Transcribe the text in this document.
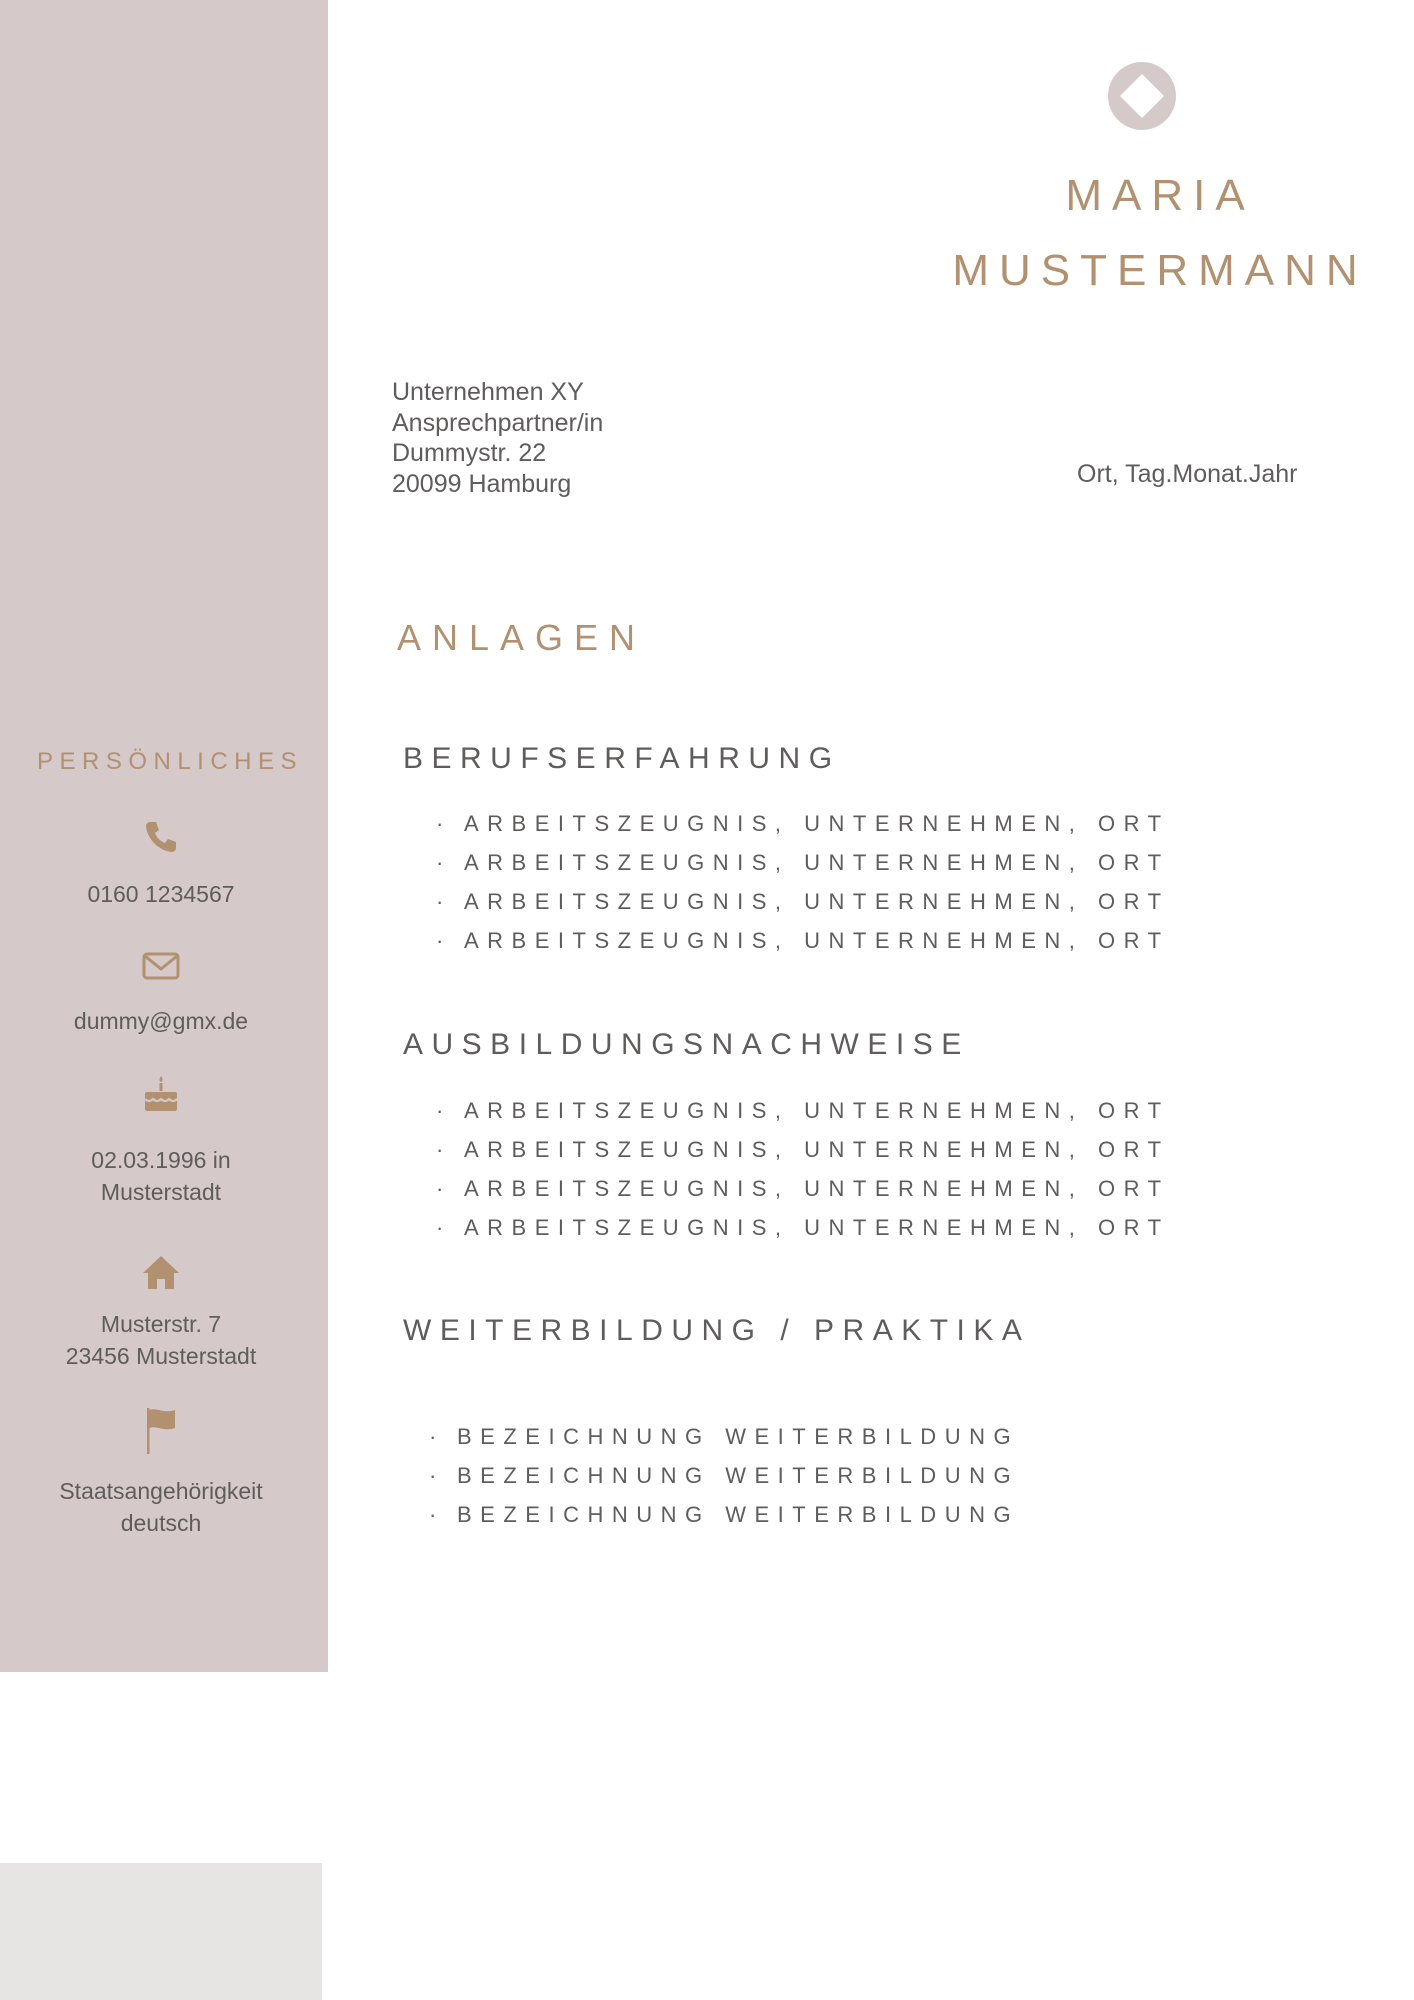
MARIA
MUSTERMANN
Unternehmen XY
Ansprechpartner/in
Dummystr. 22
20099 Hamburg	Ort, Tag.Monat.Jahr
ANLAGEN
BERUFSERFAHRUNG
· ARBEITSZEUGNIS, UNTERNEHMEN, ORT
· ARBEITSZEUGNIS, UNTERNEHMEN, ORT
· ARBEITSZEUGNIS, UNTERNEHMEN, ORT
· ARBEITSZEUGNIS, UNTERNEHMEN, ORT
AUSBILDUNGSNACHWEISE
· ARBEITSZEUGNIS, UNTERNEHMEN, ORT
· ARBEITSZEUGNIS, UNTERNEHMEN, ORT
· ARBEITSZEUGNIS, UNTERNEHMEN, ORT
· ARBEITSZEUGNIS, UNTERNEHMEN, ORT
WEITERBILDUNG / PRAKTIKA
· BEZEICHNUNG WEITERBILDUNG
· BEZEICHNUNG WEITERBILDUNG
· BEZEICHNUNG WEITERBILDUNG
PERSÖNLICHES
0160 1234567
dummy@gmx.de
02.03.1996 in
Musterstadt
Musterstr. 7
23456 Musterstadt
Staatsangehörigkeit
deutsch
